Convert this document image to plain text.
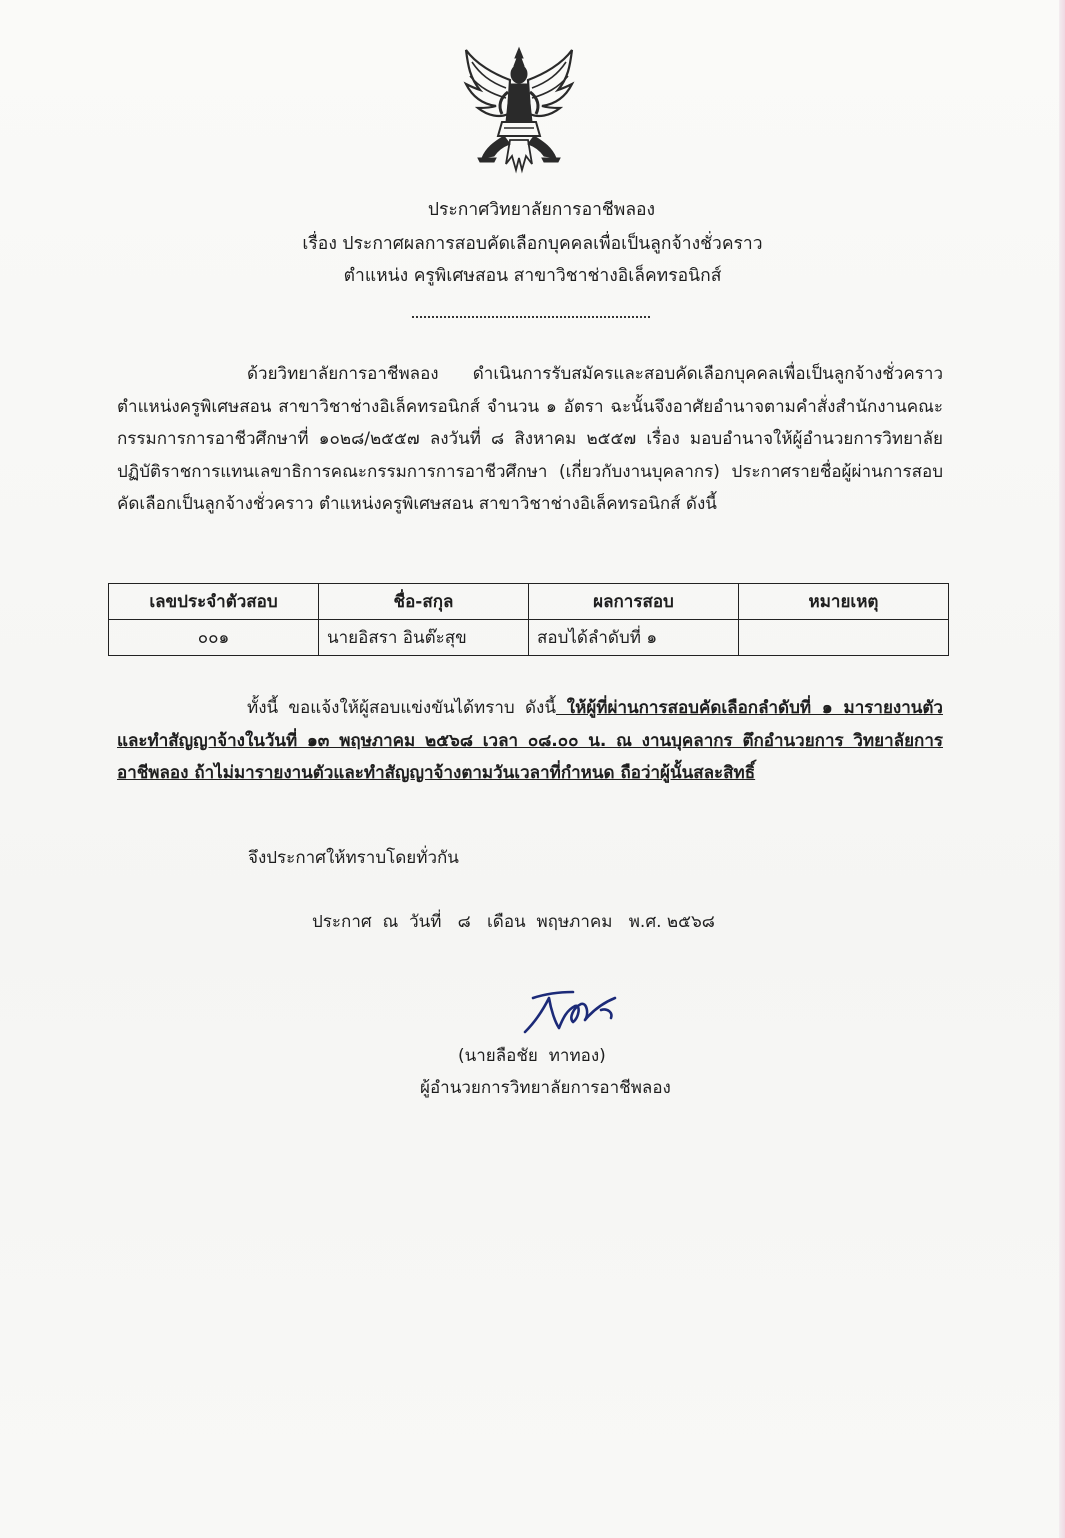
ประกาศวิทยาลัยการอาชีพลอง
เรื่อง ประกาศผลการสอบคัดเลือกบุคคลเพื่อเป็นลูกจ้างชั่วคราว
ตำแหน่ง ครูพิเศษสอน สาขาวิชาช่างอิเล็คทรอนิกส์
ด้วยวิทยาลัยการอาชีพลอง ดำเนินการรับสมัครและสอบคัดเลือกบุคคลเพื่อเป็นลูกจ้างชั่วคราว ตำแหน่งครูพิเศษสอน สาขาวิชาช่างอิเล็คทรอนิกส์ จำนวน ๑ อัตรา ฉะนั้นจึงอาศัยอำนาจตามคำสั่งสำนักงานคณะกรรมการการอาชีวศึกษาที่ ๑๐๒๘/๒๕๕๗ ลงวันที่ ๘ สิงหาคม ๒๕๕๗ เรื่อง มอบอำนาจให้ผู้อำนวยการวิทยาลัยปฏิบัติราชการแทนเลขาธิการคณะกรรมการการอาชีวศึกษา (เกี่ยวกับงานบุคลากร) ประกาศรายชื่อผู้ผ่านการสอบคัดเลือกเป็นลูกจ้างชั่วคราว ตำแหน่งครูพิเศษสอน สาขาวิชาช่างอิเล็คทรอนิกส์ ดังนี้
เลขประจำตัวสอบ	ชื่อ-สกุล	ผลการสอบ	หมายเหตุ
๐๐๑	นายอิสรา อินต๊ะสุข	สอบได้ลำดับที่ ๑	
ทั้งนี้ ขอแจ้งให้ผู้สอบแข่งขันได้ทราบ ดังนี้ ให้ผู้ที่ผ่านการสอบคัดเลือกลำดับที่ ๑ มารายงานตัวและทำสัญญาจ้างในวันที่ ๑๓ พฤษภาคม ๒๕๖๘ เวลา ๐๘.๐๐ น. ณ งานบุคลากร ตึกอำนวยการ วิทยาลัยการอาชีพลอง ถ้าไม่มารายงานตัวและทำสัญญาจ้างตามวันเวลาที่กำหนด ถือว่าผู้นั้นสละสิทธิ์
จึงประกาศให้ทราบโดยทั่วกัน
ประกาศ  ณ  วันที่   ๘   เดือน  พฤษภาคม   พ.ศ. ๒๕๖๘
(นายลือชัย  ทาทอง)
ผู้อำนวยการวิทยาลัยการอาชีพลอง
